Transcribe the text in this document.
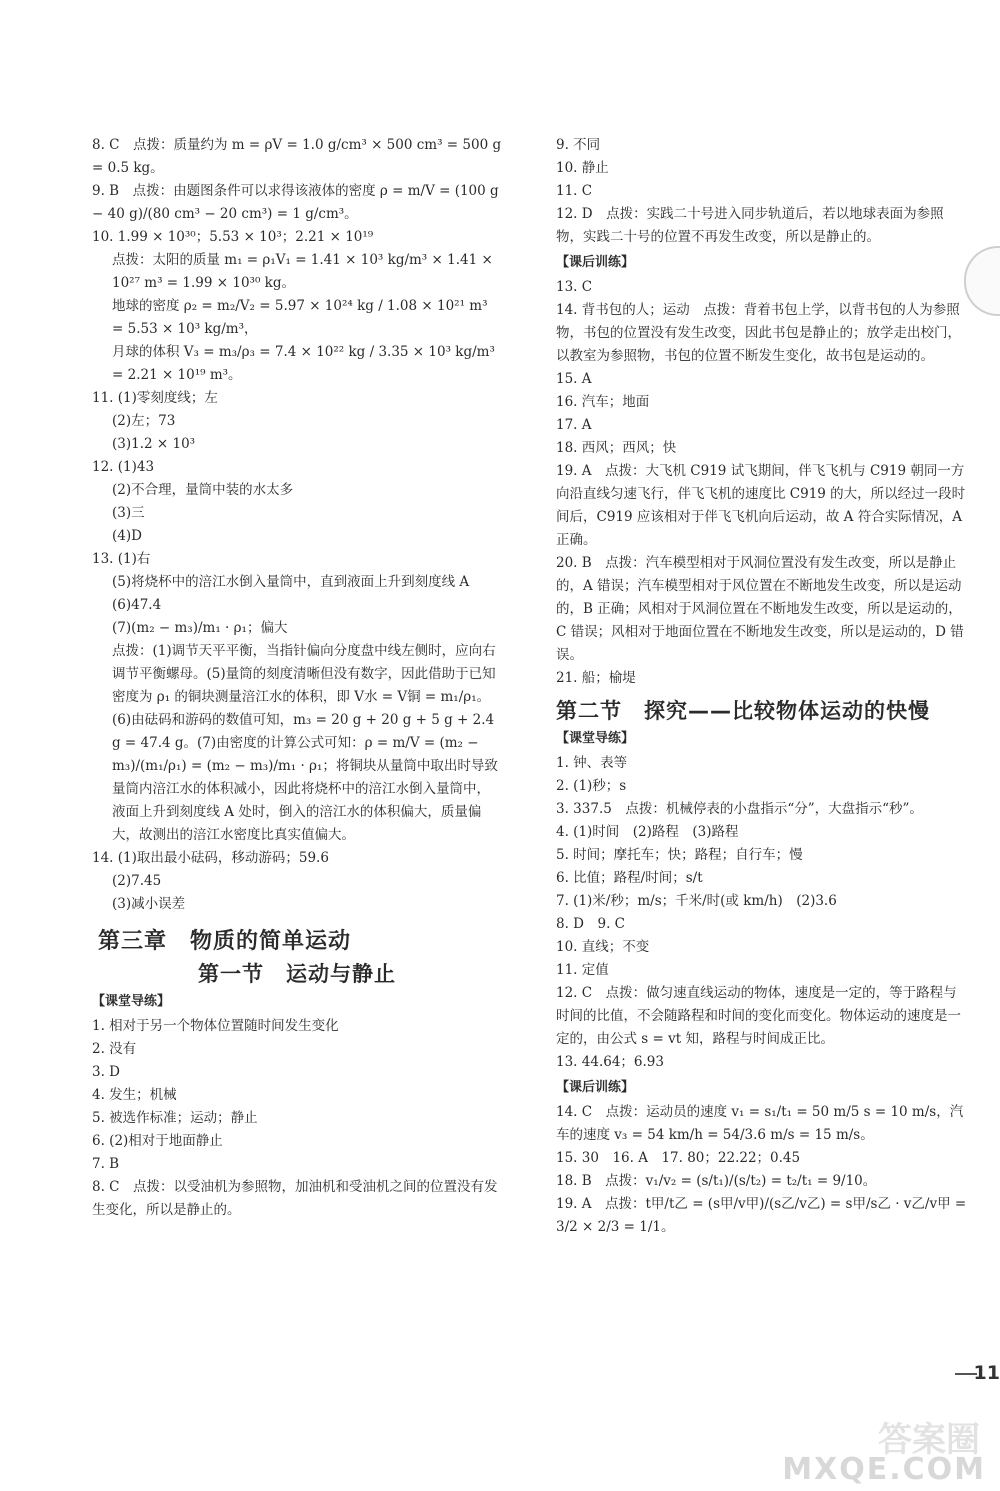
8. C　点拨：质量约为 m = ρV = 1.0 g/cm³ × 500 cm³ = 500 g = 0.5 kg。
9. B　点拨：由题图条件可以求得该液体的密度 ρ = m/V = (100 g − 40 g)/(80 cm³ − 20 cm³) = 1 g/cm³。
10. 1.99 × 10³⁰；5.53 × 10³；2.21 × 10¹⁹
点拨：太阳的质量 m₁ = ρ₁V₁ = 1.41 × 10³ kg/m³ × 1.41 × 10²⁷ m³ = 1.99 × 10³⁰ kg。
地球的密度 ρ₂ = m₂/V₂ = 5.97 × 10²⁴ kg / 1.08 × 10²¹ m³ = 5.53 × 10³ kg/m³，
月球的体积 V₃ = m₃/ρ₃ = 7.4 × 10²² kg / 3.35 × 10³ kg/m³ = 2.21 × 10¹⁹ m³。
11. (1)零刻度线；左
(2)左；73
(3)1.2 × 10³
12. (1)43
(2)不合理，量筒中装的水太多
(3)三
(4)D
13. (1)右
(5)将烧杯中的涪江水倒入量筒中，直到液面上升到刻度线 A
(6)47.4
(7)(m₂ − m₃)/m₁ · ρ₁；偏大
点拨：(1)调节天平平衡，当指针偏向分度盘中线左侧时，应向右调节平衡螺母。(5)量筒的刻度清晰但没有数字，因此借助于已知密度为 ρ₁ 的铜块测量涪江水的体积，即 V水 = V铜 = m₁/ρ₁。(6)由砝码和游码的数值可知，m₃ = 20 g + 20 g + 5 g + 2.4 g = 47.4 g。(7)由密度的计算公式可知：ρ = m/V = (m₂ − m₃)/(m₁/ρ₁) = (m₂ − m₃)/m₁ · ρ₁；将铜块从量筒中取出时导致量筒内涪江水的体积减小，因此将烧杯中的涪江水倒入量筒中，液面上升到刻度线 A 处时，倒入的涪江水的体积偏大，质量偏大，故测出的涪江水密度比真实值偏大。
14. (1)取出最小砝码，移动游码；59.6
(2)7.45
(3)减小误差
第三章　物质的简单运动
第一节　运动与静止
【课堂导练】
1. 相对于另一个物体位置随时间发生变化
2. 没有
3. D
4. 发生；机械
5. 被选作标准；运动；静止
6. (2)相对于地面静止
7. B
8. C　点拨：以受油机为参照物，加油机和受油机之间的位置没有发生变化，所以是静止的。
9. 不同
10. 静止
11. C
12. D　点拨：实践二十号进入同步轨道后，若以地球表面为参照物，实践二十号的位置不再发生改变，所以是静止的。
【课后训练】
13. C
14. 背书包的人；运动　点拨：背着书包上学，以背书包的人为参照物，书包的位置没有发生改变，因此书包是静止的；放学走出校门，以教室为参照物，书包的位置不断发生变化，故书包是运动的。
15. A
16. 汽车；地面
17. A
18. 西风；西风；快
19. A　点拨：大飞机 C919 试飞期间，伴飞飞机与 C919 朝同一方向沿直线匀速飞行，伴飞飞机的速度比 C919 的大，所以经过一段时间后，C919 应该相对于伴飞飞机向后运动，故 A 符合实际情况，A 正确。
20. B　点拨：汽车模型相对于风洞位置没有发生改变，所以是静止的，A 错误；汽车模型相对于风位置在不断地发生改变，所以是运动的，B 正确；风相对于风洞位置在不断地发生改变，所以是运动的，C 错误；风相对于地面位置在不断地发生改变，所以是运动的，D 错误。
21. 船；榆堤
第二节　探究——比较物体运动的快慢
【课堂导练】
1. 钟、表等
2. (1)秒；s
3. 337.5　点拨：机械停表的小盘指示“分”，大盘指示“秒”。
4. (1)时间　(2)路程　(3)路程
5. 时间；摩托车；快；路程；自行车；慢
6. 比值；路程/时间；s/t
7. (1)米/秒；m/s；千米/时(或 km/h)　(2)3.6
8. D　9. C
10. 直线；不变
11. 定值
12. C　点拨：做匀速直线运动的物体，速度是一定的，等于路程与时间的比值，不会随路程和时间的变化而变化。物体运动的速度是一定的，由公式 s = vt 知，路程与时间成正比。
13. 44.64；6.93
【课后训练】
14. C　点拨：运动员的速度 v₁ = s₁/t₁ = 50 m/5 s = 10 m/s，汽车的速度 v₃ = 54 km/h = 54/3.6 m/s = 15 m/s。
15. 30　16. A　17. 80；22.22；0.45
18. B　点拨：v₁/v₂ = (s/t₁)/(s/t₂) = t₂/t₁ = 9/10。
19. A　点拨：t甲/t乙 = (s甲/v甲)/(s乙/v乙) = s甲/s乙 · v乙/v甲 = 3/2 × 2/3 = 1/1。
11
答案圈
MXQE.COM
